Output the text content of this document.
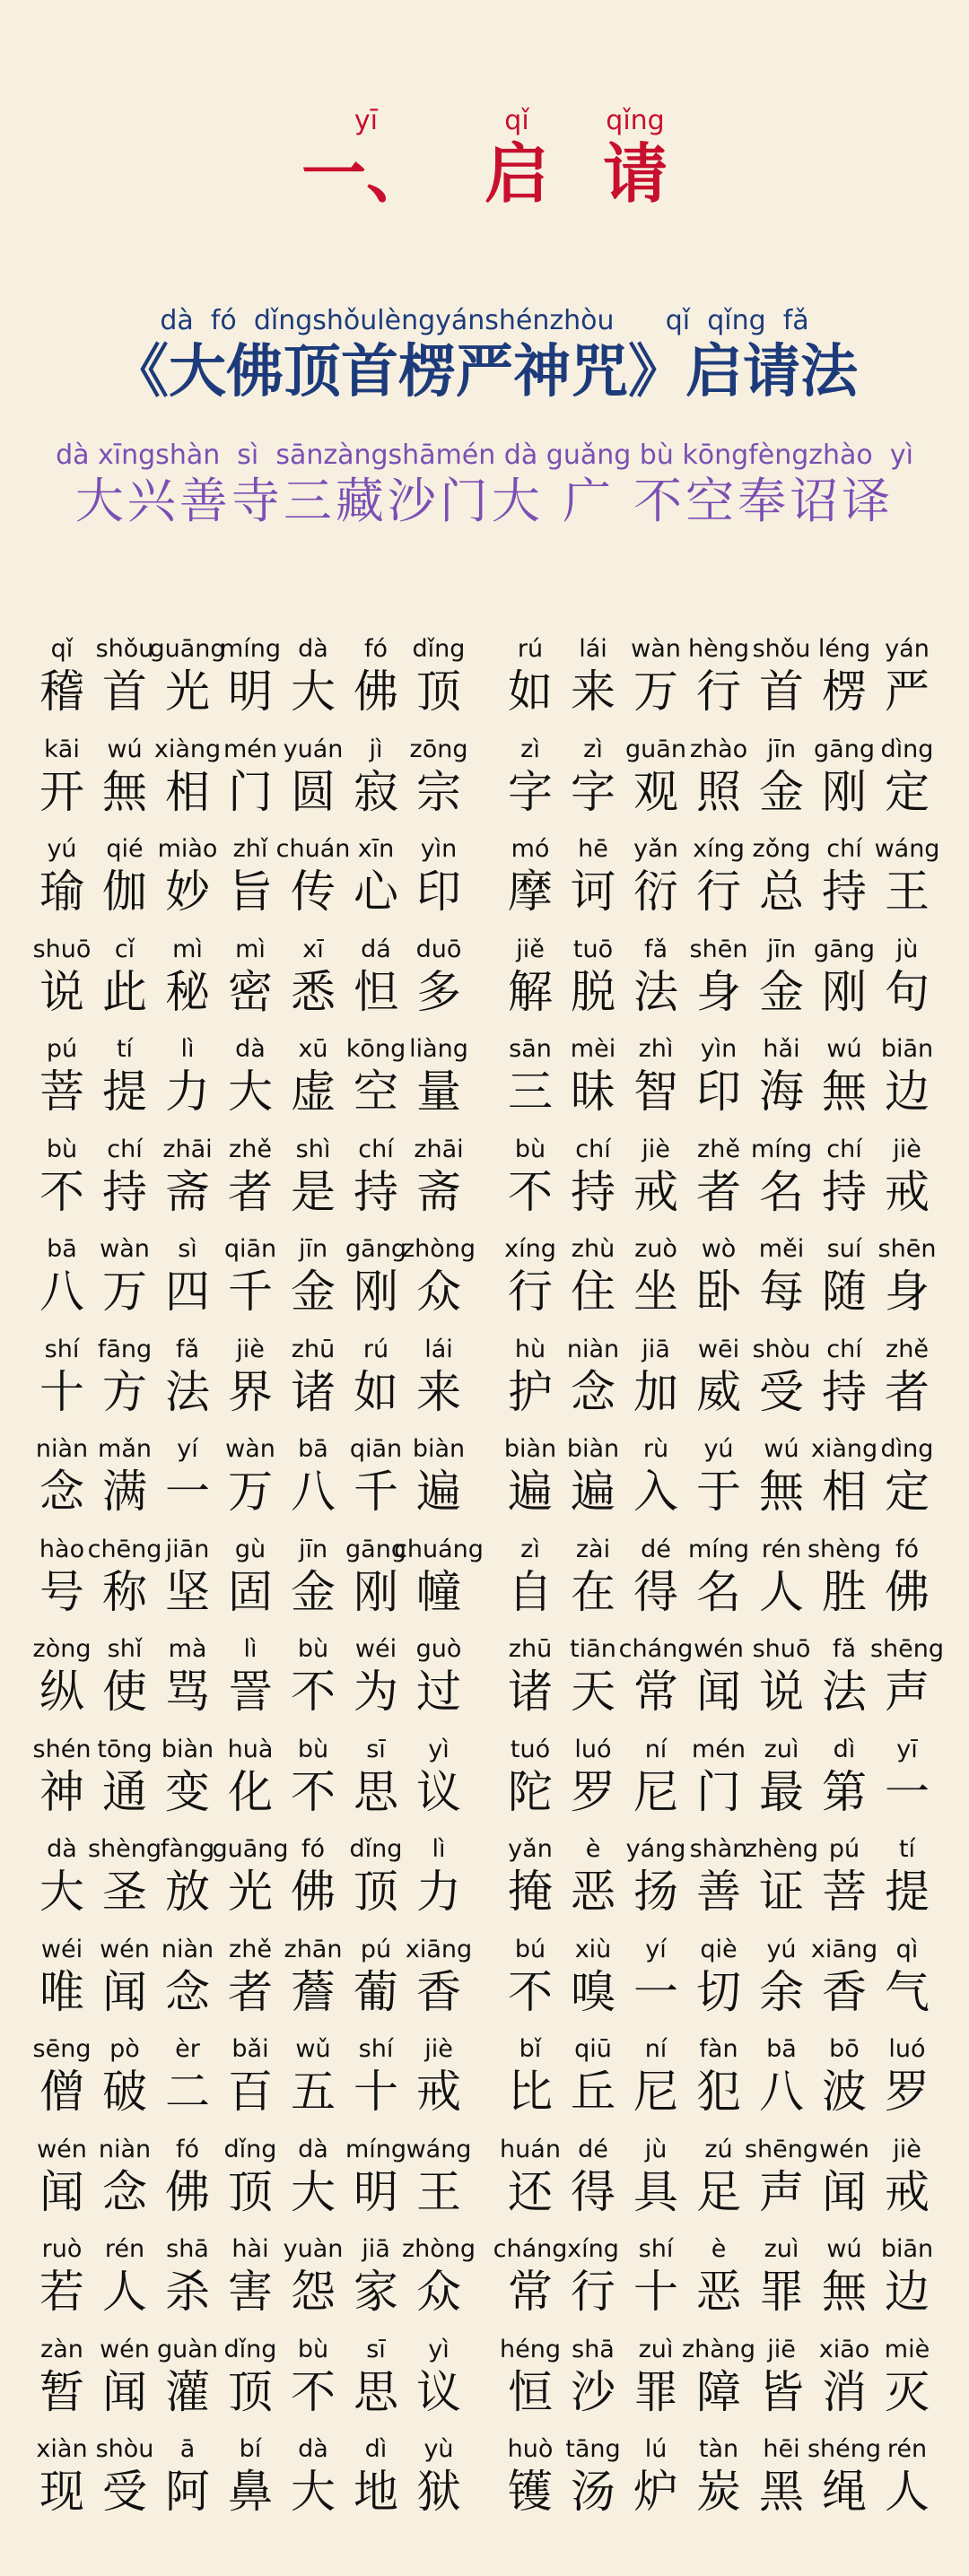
yī
一、
qǐ
启
qǐng
请
dà  fó  dǐngshǒulèngyánshénzhòu      qǐ  qǐng  fǎ
《大佛顶首楞严神咒》启请法
dà xīngshàn  sì  sānzàngshāmén dà guǎng bù kōngfèngzhào  yì
大兴善寺三藏沙门大 广 不空奉诏译
qǐ
稽
shǒu
首
guāng
光
míng
明
dà
大
fó
佛
dǐng
顶
rú
如
lái
来
wàn
万
hèng
行
shǒu
首
léng
楞
yán
严
kāi
开
wú
無
xiàng
相
mén
门
yuán
圆
jì
寂
zōng
宗
zì
字
zì
字
guān
观
zhào
照
jīn
金
gāng
刚
dìng
定
yú
瑜
qié
伽
miào
妙
zhǐ
旨
chuán
传
xīn
心
yìn
印
mó
摩
hē
诃
yǎn
衍
xíng
行
zǒng
总
chí
持
wáng
王
shuō
说
cǐ
此
mì
秘
mì
密
xī
悉
dá
怛
duō
多
jiě
解
tuō
脱
fǎ
法
shēn
身
jīn
金
gāng
刚
jù
句
pú
菩
tí
提
lì
力
dà
大
xū
虚
kōng
空
liàng
量
sān
三
mèi
昧
zhì
智
yìn
印
hǎi
海
wú
無
biān
边
bù
不
chí
持
zhāi
斋
zhě
者
shì
是
chí
持
zhāi
斋
bù
不
chí
持
jiè
戒
zhě
者
míng
名
chí
持
jiè
戒
bā
八
wàn
万
sì
四
qiān
千
jīn
金
gāng
刚
zhòng
众
xíng
行
zhù
住
zuò
坐
wò
卧
měi
每
suí
随
shēn
身
shí
十
fāng
方
fǎ
法
jiè
界
zhū
诸
rú
如
lái
来
hù
护
niàn
念
jiā
加
wēi
威
shòu
受
chí
持
zhě
者
niàn
念
mǎn
满
yí
一
wàn
万
bā
八
qiān
千
biàn
遍
biàn
遍
biàn
遍
rù
入
yú
于
wú
無
xiàng
相
dìng
定
hào
号
chēng
称
jiān
坚
gù
固
jīn
金
gāng
刚
chuáng
幢
zì
自
zài
在
dé
得
míng
名
rén
人
shèng
胜
fó
佛
zòng
纵
shǐ
使
mà
骂
lì
詈
bù
不
wéi
为
guò
过
zhū
诸
tiān
天
cháng
常
wén
闻
shuō
说
fǎ
法
shēng
声
shén
神
tōng
通
biàn
变
huà
化
bù
不
sī
思
yì
议
tuó
陀
luó
罗
ní
尼
mén
门
zuì
最
dì
第
yī
一
dà
大
shèng
圣
fàng
放
guāng
光
fó
佛
dǐng
顶
lì
力
yǎn
掩
è
恶
yáng
扬
shàn
善
zhèng
证
pú
菩
tí
提
wéi
唯
wén
闻
niàn
念
zhě
者
zhān
薝
pú
葡
xiāng
香
bú
不
xiù
嗅
yí
一
qiè
切
yú
余
xiāng
香
qì
气
sēng
僧
pò
破
èr
二
bǎi
百
wǔ
五
shí
十
jiè
戒
bǐ
比
qiū
丘
ní
尼
fàn
犯
bā
八
bō
波
luó
罗
wén
闻
niàn
念
fó
佛
dǐng
顶
dà
大
míng
明
wáng
王
huán
还
dé
得
jù
具
zú
足
shēng
声
wén
闻
jiè
戒
ruò
若
rén
人
shā
杀
hài
害
yuàn
怨
jiā
家
zhòng
众
cháng
常
xíng
行
shí
十
è
恶
zuì
罪
wú
無
biān
边
zàn
暂
wén
闻
guàn
灌
dǐng
顶
bù
不
sī
思
yì
议
héng
恒
shā
沙
zuì
罪
zhàng
障
jiē
皆
xiāo
消
miè
灭
xiàn
现
shòu
受
ā
阿
bí
鼻
dà
大
dì
地
yù
狱
huò
镬
tāng
汤
lú
炉
tàn
炭
hēi
黑
shéng
绳
rén
人
